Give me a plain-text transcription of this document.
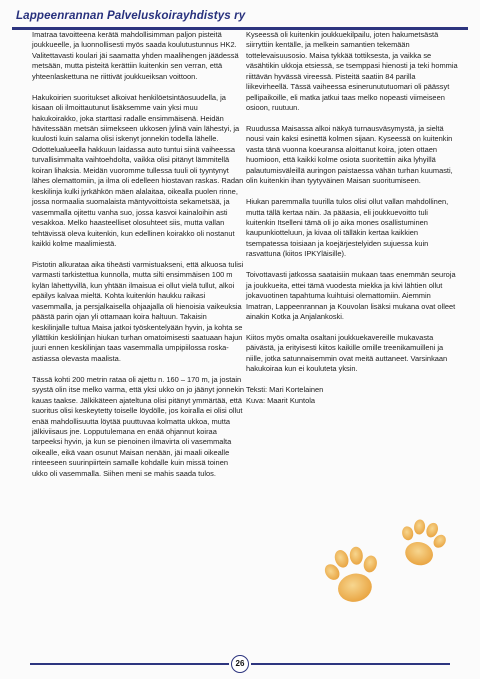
Lappeenrannan Palveluskoirayhdistys ry

Imatraa tavoitteena kerätä mahdollisimman paljon pisteitä joukkueelle, ja luonnollisesti myös saada koulutustunnus HK2. Valitettavasti koulari jäi saamatta yhden maalihengen jäädessä metsään, mutta pisteitä kerättiin kuitenkin sen verran, että yhteenlaskettuna ne riittivät joukkueiksan voittoon.

Hakukoirien suoritukset alkoivat henkilöetsintäosuudella, ja kisaan oli ilmoittautunut lisäksemme vain yksi muu hakukoirakko, joka starttasi radalle ensimmäisenä. Heidän hävitessään metsän siimekseen ukkosen jylinä vain lähestyi, ja kuulosti kuin salama olisi iskenyt jonnekin todella lähelle. Odottelualueella hakkuun laidassa auto tuntui siinä vaiheessa turvallisimmalta vaihtoehdolta, vaikka olisi pitänyt lämmitellä koiran lihaksia. Meidän vuoromme tullessa tuuli oli tyyntynyt lähes olemattomiin, ja ilma oli edelleen hiostavan raskas. Radan keskilinja kulki jyrkähkön mäen alalaitaa, oikealla puolen rinne, jossa normaalia suomalaista mäntyvoittoista sekametsää, ja vasemmalla ojitettu vanha suo, jossa kasvoi kainaloihin asti vesakkoa. Melko haasteelliset olosuhteet siis, mutta vallan tehtävissä oleva kuitenkin, kun edellinen koirakko oli nostanut kaikki kolme maalimiestä.

Pistotin alkurataa aika tiheästi varmistuakseni, että alkuosa tulisi varmasti tarkistettua kunnolla, mutta silti ensimmäisen 100 m kylän lähettyvillä, kun yhtään ilmaisua ei ollut vielä tullut, alkoi epäilys kalvaa mieltä. Kohta kuitenkin haukku raikasi vasemmalla, ja persjalkaisella ohjaajalla oli hienoisia vaikeuksia päästä parin ojan yli ottamaan koira haltuun. Takaisin keskilinjalle tultua Maisa jatkoi työskentelyään hyvin, ja kohta se yllättikin keskilinjan hiukan turhan omatoimisesti saatuaan hajun juuri ennen keskilinjan taas vasemmalla umpipiilossa roska-astiassa olevasta maalista.

Tässä kohti 200 metrin rataa oli ajettu n. 160 – 170 m, ja jostain syystä olin itse melko varma, että yksi ukko on jo jäänyt jonnekin kauas taakse. Jälkikäteen ajateltuna olisi pitänyt ymmärtää, että suoritus olisi keskeytetty toiselle löydölle, jos koiralla ei olisi ollut enää mahdollisuutta löytää puuttuvaa kolmatta ukkoa, mutta jälkiviisaus jne. Lopputulemana en enää ohjannut koiraa tarpeeksi hyvin, ja kun se pienoinen ilmavirta oli vasemmalta oikealle, eikä vaan osunut Maisan nenään, jäi maali oikealle rinteeseen suurinpiirtein samalle kohdalle kuin missä toinen ukko oli vasemmalla. Siihen meni se mahis saada tulos.

Kyseessä oli kuitenkin joukkuekilpailu, joten hakumetsästä siirryttiin kentälle, ja melkein samantien tekemään tottelevaisuusosio. Maisa tykkää tottiksesta, ja vaikka se väsähtikin ukkoja etsiessä, se tsemppasi hienosti ja teki hommia riittävän hyvässä vireessä. Pisteitä saatiin 84 parilla liikevirheellä. Tässä vaiheessa esinerunututuomari oli päässyt pellipaikoille, eli matka jatkui taas melko nopeasti viimeiseen osioon, ruutuun.

Ruudussa Maisassa alkoi näkyä turnausväsymystä, ja sieltä nousi vain kaksi esinettä kolmen sijaan. Kyseessä on kuitenkin vasta tänä vuonna koeuransa aloittanut koira, joten ottaen huomioon, että kaikki kolme osiota suoritettiin aika lyhyillä palautumisväleillä auringon paistaessa vähän turhan kuumasti, olin kuitenkin ihan tyytyväinen Maisan suoritumiseen.

Hiukan paremmalla tuurilla tulos olisi ollut vallan mahdollinen, mutta tällä kertaa näin. Ja pääasia, eli joukkuevoitto tuli kuitenkin Itselleni tämä oli jo aika mones osallistuminen kaupunkiotteluun, ja kivaa oli tälläkin kertaa kaikkien tsempatessa toisiaan ja koejärjestelyiden sujuessa kuin rasvattuna (kiitos IPKYläisille).

Toivottavasti jatkossa saataisiin mukaan taas enemmän seuroja ja joukkueita, ettei tämä vuodesta miekka ja kivi lähtien ollut jokavuotinen tapahtuma kuihtuisi olemattomiin. Aiemmin Imatran, Lappeenrannan ja Kouvolan lisäksi mukana ovat olleet ainakin Kotka ja Anjalankoski.

Kiitos myös omalta osaltani joukkuekavereille mukavasta päivästä, ja erityisesti kiitos kaikille omille treenikamuilleni ja niille, jotka satunnaisemmin ovat meitä auttaneet. Varsinkaan hakukoiraa kun ei kouluteta yksin.

Teksti: Mari Kortelainen
Kuva: Maarit Kuntola

26
